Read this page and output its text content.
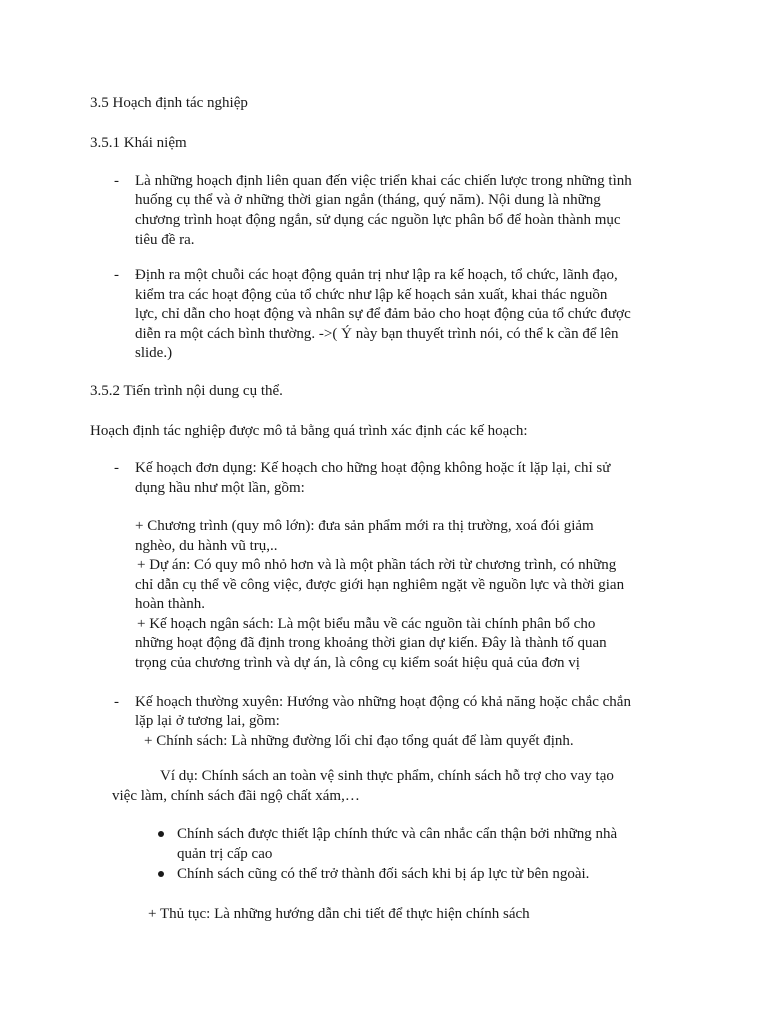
3.5 Hoạch định tác nghiệp
3.5.1 Khái niệm
- Là những hoạch định liên quan đến việc triển khai các chiến lược trong những tình
huống cụ thể và ở những thời gian ngắn (tháng, quý năm). Nội dung là những
chương trình hoạt động ngắn, sử dụng các nguồn lực phân bổ để hoàn thành mục
tiêu đề ra.
- Định ra một chuỗi các hoạt động quản trị như lập ra kế hoạch, tổ chức, lãnh đạo,
kiểm tra các hoạt động của tổ chức như lập kế hoạch sản xuất, khai thác nguồn
lực, chỉ dẫn cho hoạt động và nhân sự để đảm bảo cho hoạt động của tổ chức được
diễn ra một cách bình thường. ->( Ý này bạn thuyết trình nói, có thể k cần để lên
slide.)
3.5.2 Tiến trình nội dung cụ thể.
Hoạch định tác nghiệp được mô tả bằng quá trình xác định các kế hoạch:
- Kế hoạch đơn dụng: Kế hoạch cho hững hoạt động không hoặc ít lặp lại, chỉ sử
dụng hầu như một lần, gồm:
+ Chương trình (quy mô lớn): đưa sản phẩm mới ra thị trường, xoá đói giảm
nghèo, du hành vũ trụ,..
+ Dự án: Có quy mô nhỏ hơn và là một phần tách rời từ chương trình, có những
chỉ dẫn cụ thể về công việc, được giới hạn nghiêm ngặt về nguồn lực và thời gian
hoàn thành.
+ Kế hoạch ngân sách: Là một biểu mẫu về các nguồn tài chính phân bổ cho
những hoạt động đã định trong khoảng thời gian dự kiến. Đây là thành tố quan
trọng của chương trình và dự án, là công cụ kiểm soát hiệu quả của đơn vị
- Kế hoạch thường xuyên: Hướng vào những hoạt động có khả năng hoặc chắc chắn
lặp lại ở tương lai, gồm:
+ Chính sách: Là những đường lối chỉ đạo tổng quát để làm quyết định.
Ví dụ: Chính sách an toàn vệ sinh thực phẩm, chính sách hỗ trợ cho vay tạo
việc làm, chính sách đãi ngộ chất xám,…
Chính sách được thiết lập chính thức và cân nhắc cẩn thận bởi những nhà
quản trị cấp cao
Chính sách cũng có thể trở thành đối sách khi bị áp lực từ bên ngoài.
+ Thủ tục: Là những hướng dẫn chi tiết để thực hiện chính sách
